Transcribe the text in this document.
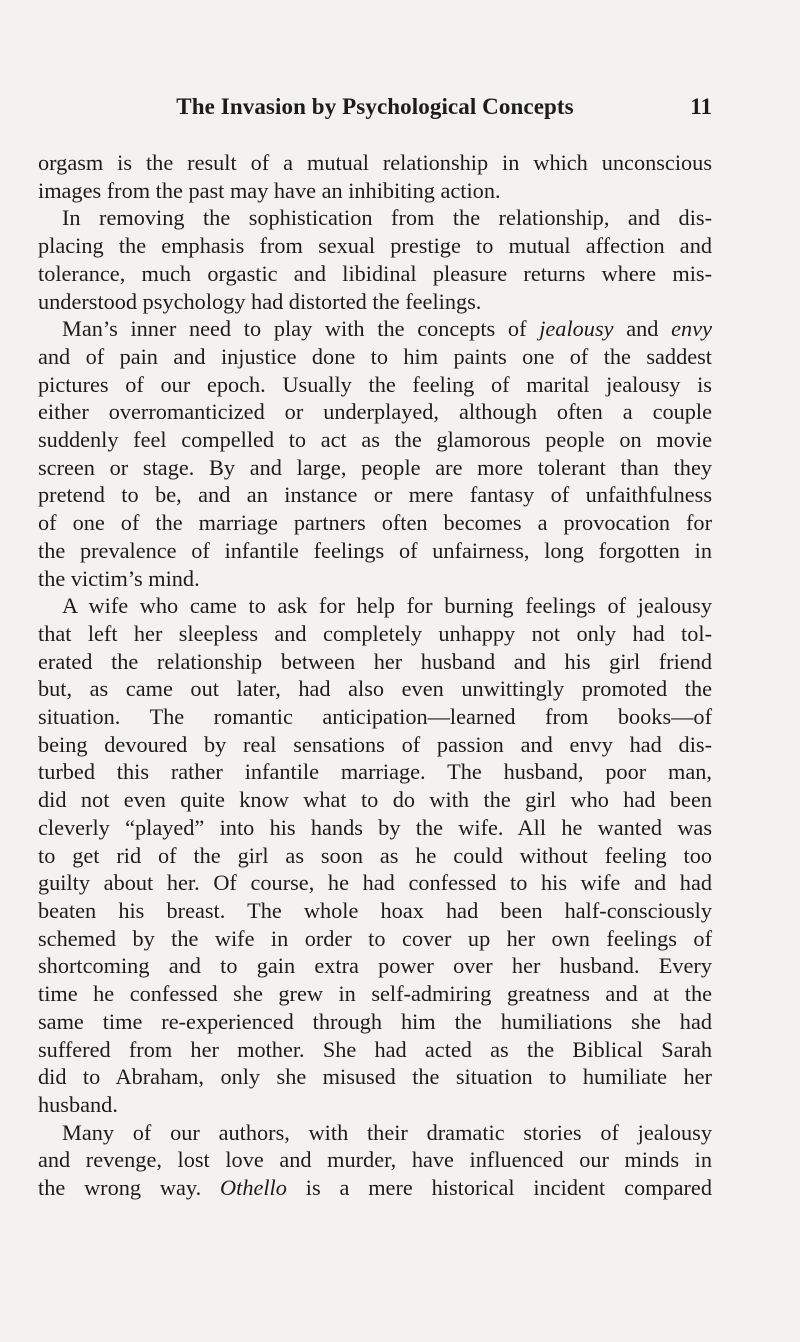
The Invasion by Psychological Concepts	11
orgasm is the result of a mutual relationship in which unconscious
images from the past may have an inhibiting action.
In removing the sophistication from the relationship, and dis-
placing the emphasis from sexual prestige to mutual affection and
tolerance, much orgastic and libidinal pleasure returns where mis-
understood psychology had distorted the feelings.
Man’s inner need to play with the concepts of jealousy and envy
and of pain and injustice done to him paints one of the saddest
pictures of our epoch. Usually the feeling of marital jealousy is
either overromanticized or underplayed, although often a couple
suddenly feel compelled to act as the glamorous people on movie
screen or stage. By and large, people are more tolerant than they
pretend to be, and an instance or mere fantasy of unfaithfulness
of one of the marriage partners often becomes a provocation for
the prevalence of infantile feelings of unfairness, long forgotten in
the victim’s mind.
A wife who came to ask for help for burning feelings of jealousy
that left her sleepless and completely unhappy not only had tol-
erated the relationship between her husband and his girl friend
but, as came out later, had also even unwittingly promoted the
situation. The romantic anticipation—learned from books—of
being devoured by real sensations of passion and envy had dis-
turbed this rather infantile marriage. The husband, poor man,
did not even quite know what to do with the girl who had been
cleverly “played” into his hands by the wife. All he wanted was
to get rid of the girl as soon as he could without feeling too
guilty about her. Of course, he had confessed to his wife and had
beaten his breast. The whole hoax had been half-consciously
schemed by the wife in order to cover up her own feelings of
shortcoming and to gain extra power over her husband. Every
time he confessed she grew in self-admiring greatness and at the
same time re-experienced through him the humiliations she had
suffered from her mother. She had acted as the Biblical Sarah
did to Abraham, only she misused the situation to humiliate her
husband.
Many of our authors, with their dramatic stories of jealousy
and revenge, lost love and murder, have influenced our minds in
the wrong way. Othello is a mere historical incident compared
